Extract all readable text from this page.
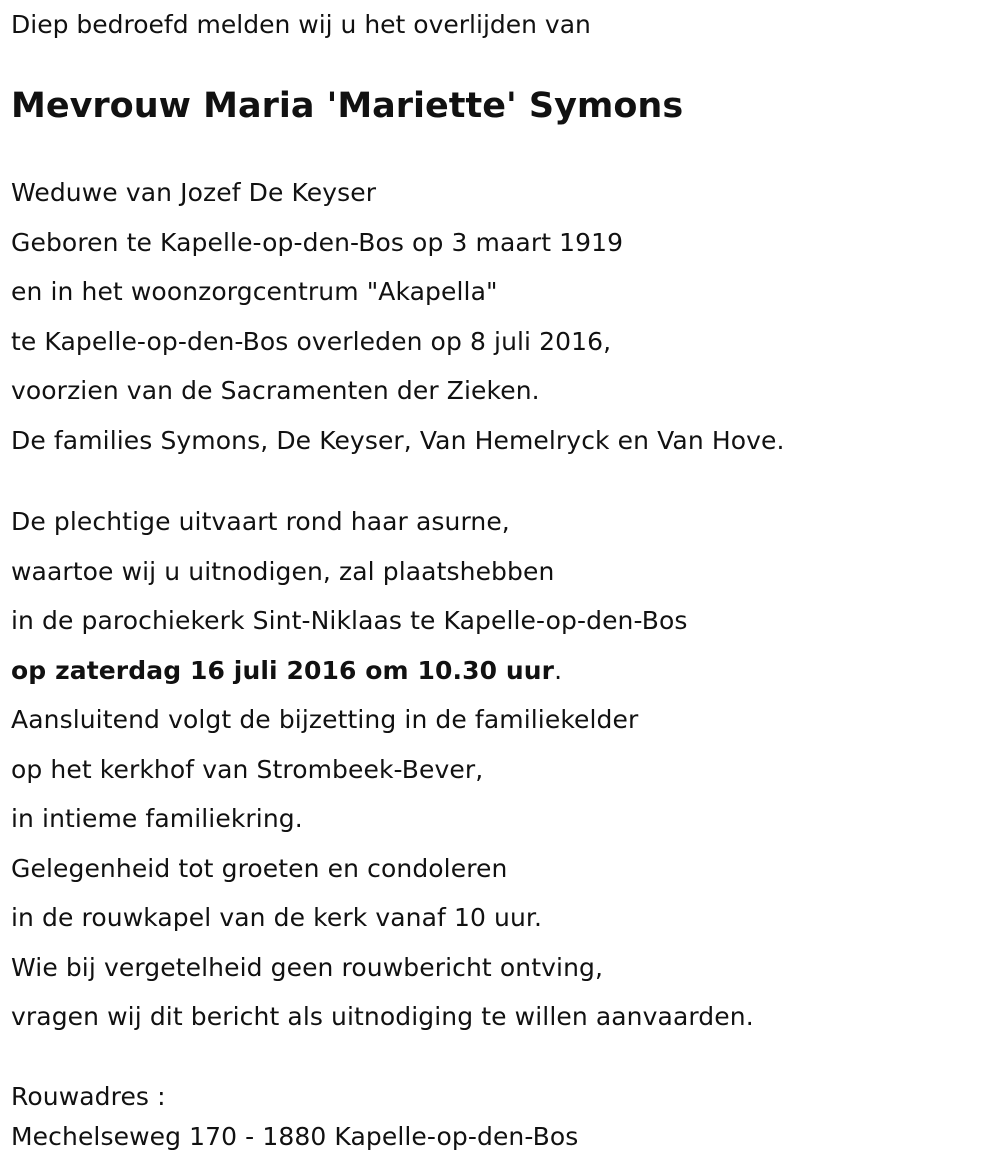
Diep bedroefd melden wij u het overlijden van
Mevrouw Maria 'Mariette' Symons
Weduwe van Jozef De Keyser
Geboren te Kapelle-op-den-Bos op 3 maart 1919
en in het woonzorgcentrum "Akapella"
te Kapelle-op-den-Bos overleden op 8 juli 2016,
voorzien van de Sacramenten der Zieken.
De families Symons, De Keyser, Van Hemelryck en Van Hove.
De plechtige uitvaart rond haar asurne,
waartoe wij u uitnodigen, zal plaatshebben
in de parochiekerk Sint-Niklaas te Kapelle-op-den-Bos
op zaterdag 16 juli 2016 om 10.30 uur.
Aansluitend volgt de bijzetting in de familiekelder
op het kerkhof van Strombeek-Bever,
in intieme familiekring.
Gelegenheid tot groeten en condoleren
in de rouwkapel van de kerk vanaf 10 uur.
Wie bij vergetelheid geen rouwbericht ontving,
vragen wij dit bericht als uitnodiging te willen aanvaarden.
Rouwadres :
Mechelseweg 170 - 1880 Kapelle-op-den-Bos
